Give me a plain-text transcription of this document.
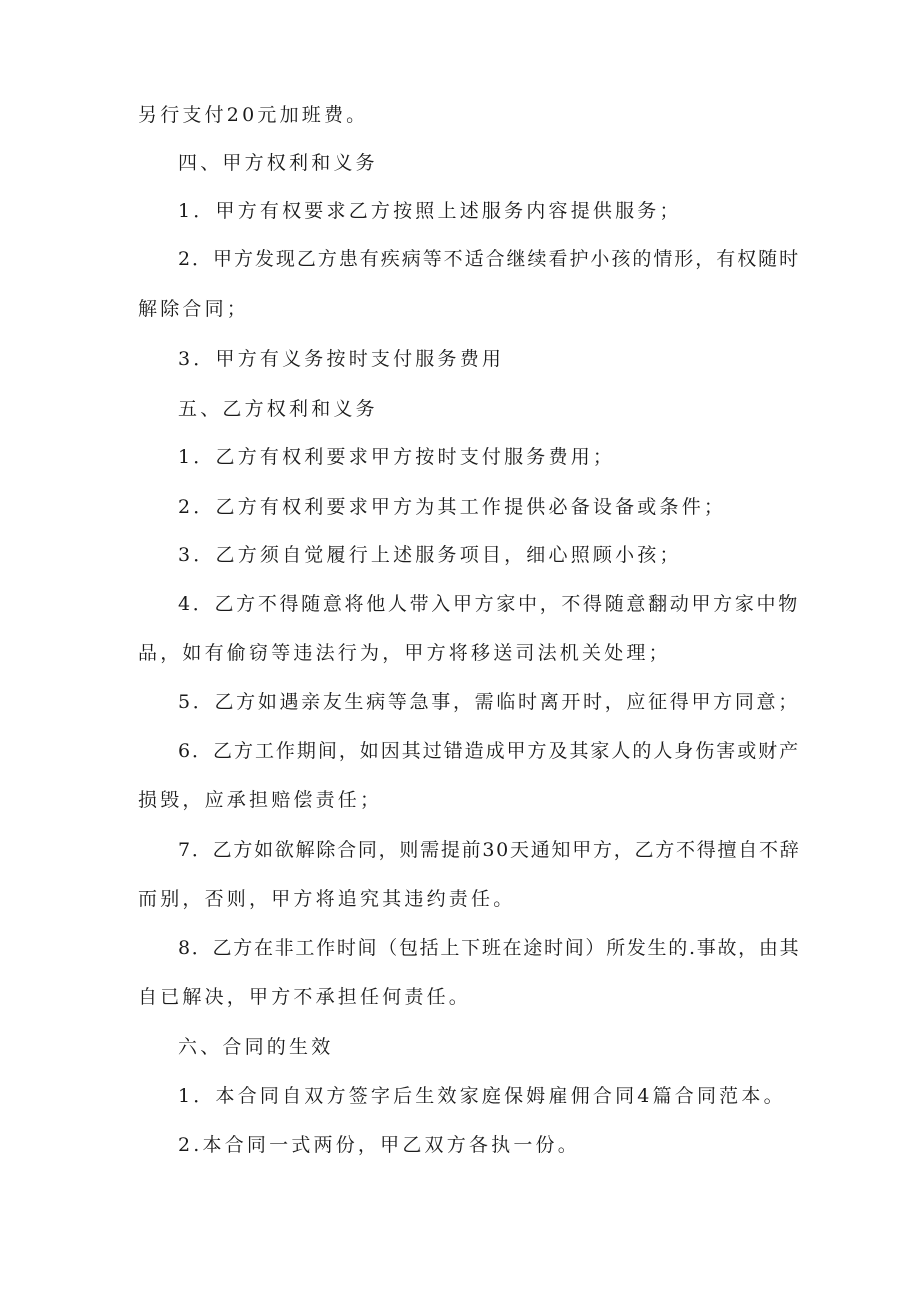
另行支付20元加班费。
四、甲方权利和义务
1．甲方有权要求乙方按照上述服务内容提供服务；
2．甲方发现乙方患有疾病等不适合继续看护小孩的情形，有权随时
解除合同；
3．甲方有义务按时支付服务费用
五、乙方权利和义务
1．乙方有权利要求甲方按时支付服务费用；
2．乙方有权利要求甲方为其工作提供必备设备或条件；
3．乙方须自觉履行上述服务项目，细心照顾小孩；
4．乙方不得随意将他人带入甲方家中，不得随意翻动甲方家中物
品，如有偷窃等违法行为，甲方将移送司法机关处理；
5．乙方如遇亲友生病等急事，需临时离开时，应征得甲方同意；
6．乙方工作期间，如因其过错造成甲方及其家人的人身伤害或财产
损毁，应承担赔偿责任；
7．乙方如欲解除合同，则需提前30天通知甲方，乙方不得擅自不辞
而别，否则，甲方将追究其违约责任。
8．乙方在非工作时间（包括上下班在途时间）所发生的.事故，由其
自已解决，甲方不承担任何责任。
六、合同的生效
1．本合同自双方签字后生效家庭保姆雇佣合同4篇合同范本。
2.本合同一式两份，甲乙双方各执一份。
